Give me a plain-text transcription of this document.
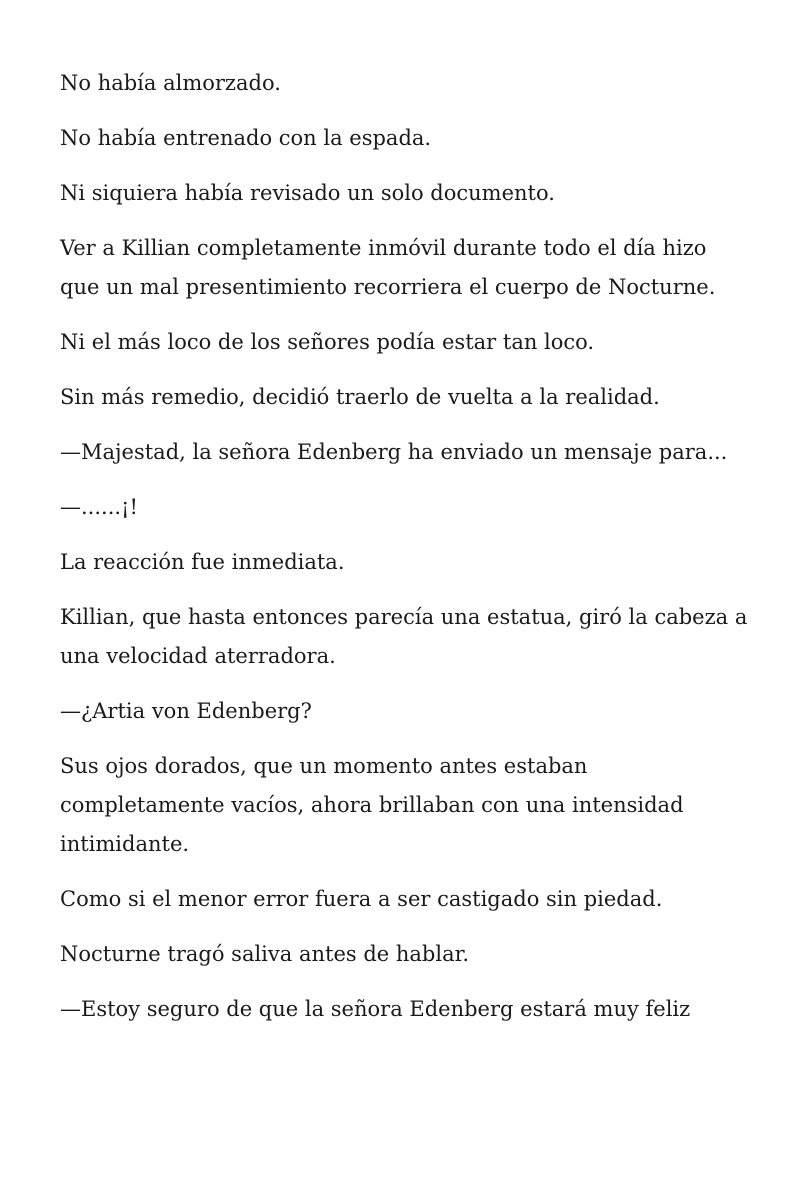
No había almorzado.

No había entrenado con la espada.

Ni siquiera había revisado un solo documento.

Ver a Killian completamente inmóvil durante todo el día hizo que un mal presentimiento recorriera el cuerpo de Nocturne.

Ni el más loco de los señores podía estar tan loco.

Sin más remedio, decidió traerlo de vuelta a la realidad.

—Majestad, la señora Edenberg ha enviado un mensaje para...

—......¡!

La reacción fue inmediata.

Killian, que hasta entonces parecía una estatua, giró la cabeza a una velocidad aterradora.

—¿Artia von Edenberg?

Sus ojos dorados, que un momento antes estaban completamente vacíos, ahora brillaban con una intensidad intimidante.

Como si el menor error fuera a ser castigado sin piedad.

Nocturne tragó saliva antes de hablar.

—Estoy seguro de que la señora Edenberg estará muy feliz
